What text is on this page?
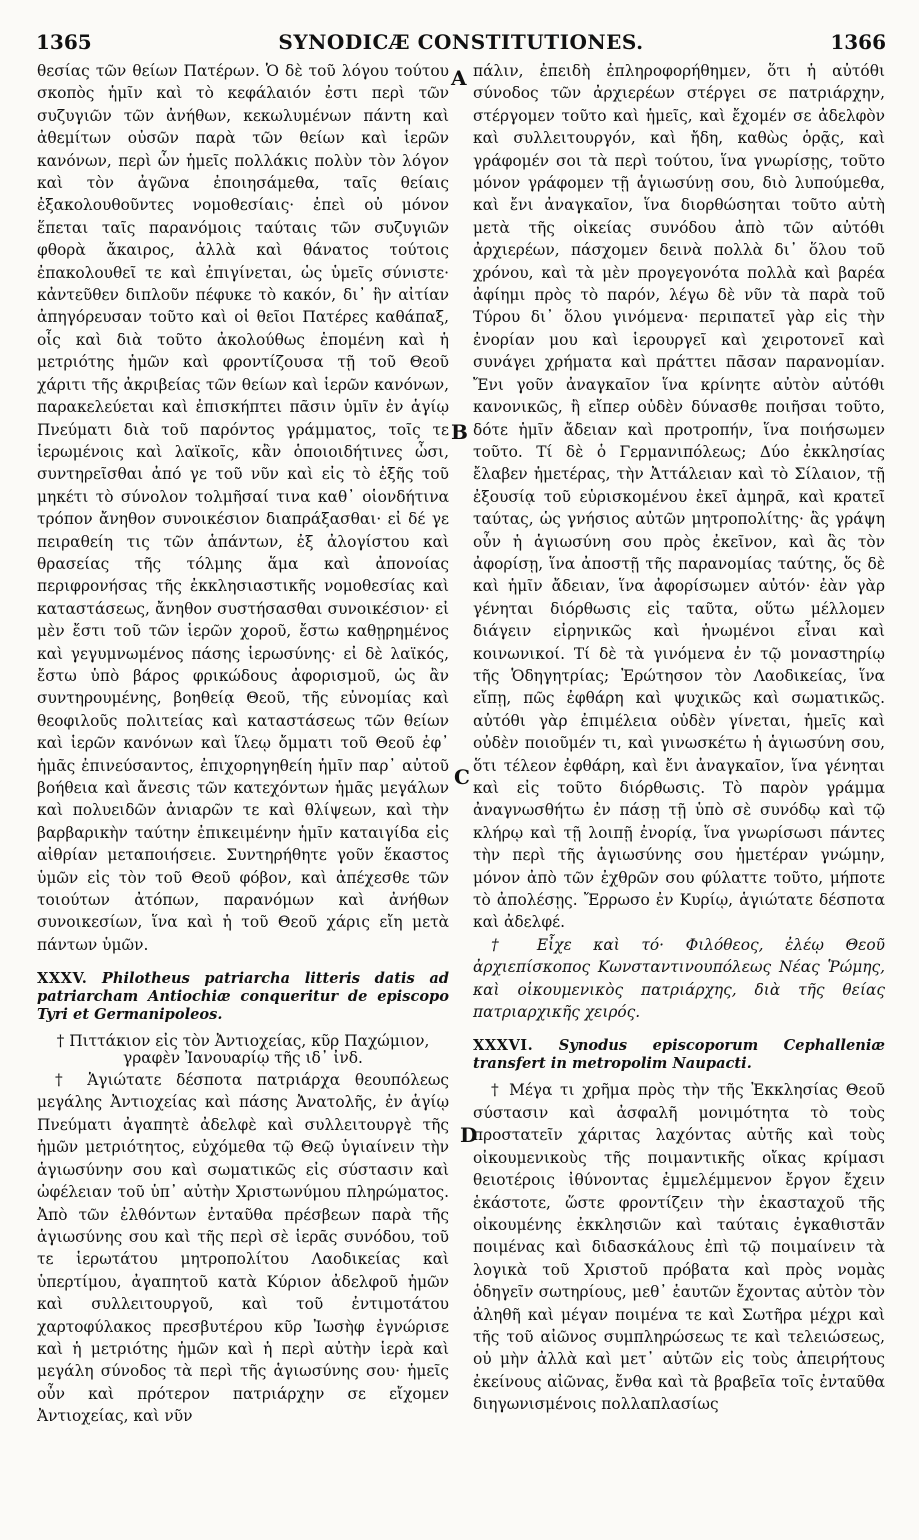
1365	SYNODICÆ CONSTITUTIONES.	1366
A
B
C
D

θεσίας τῶν θείων Πατέρων. Ὁ δὲ τοῦ λόγου τούτου σκοπὸς ἡμῖν καὶ τὸ κεφάλαιόν ἐστι περὶ τῶν συζυγιῶν τῶν ἀνήθων, κεκωλυμένων πάντη καὶ ἀθεμίτων οὐσῶν παρὰ τῶν θείων καὶ ἱερῶν κανόνων, περὶ ὧν ἡμεῖς πολλάκις πολὺν τὸν λόγον καὶ τὸν ἀγῶνα ἐποιησάμεθα, ταῖς θείαις ἐξακολουθοῦντες νομοθεσίαις· ἐπεὶ οὐ μόνον ἕπεται ταῖς παρανόμοις ταύταις τῶν συζυγιῶν φθορὰ ἄκαιρος, ἀλλὰ καὶ θάνατος τούτοις ἐπακολουθεῖ τε καὶ ἐπιγίνεται, ὡς ὑμεῖς σύνιστε· κἀντεῦθεν διπλοῦν πέφυκε τὸ κακόν, δι᾽ ἣν αἰτίαν ἀπηγόρευσαν τοῦτο καὶ οἱ θεῖοι Πατέρες καθάπαξ, οἷς καὶ διὰ τοῦτο ἀκολούθως ἑπομένη καὶ ἡ μετριότης ἡμῶν καὶ φροντίζουσα τῇ τοῦ Θεοῦ χάριτι τῆς ἀκριβείας τῶν θείων καὶ ἱερῶν κανόνων, παρακελεύεται καὶ ἐπισκήπτει πᾶσιν ὑμῖν ἐν ἁγίῳ Πνεύματι διὰ τοῦ παρόντος γράμματος, τοῖς τε ἱερωμένοις καὶ λαϊκοῖς, κἂν ὁποιοιδήτινες ὦσι, συντηρεῖσθαι ἀπό γε τοῦ νῦν καὶ εἰς τὸ ἑξῆς τοῦ μηκέτι τὸ σύνολον τολμῆσαί τινα καθ᾽ οἱονδήτινα τρόπον ἄνηθον συνοικέσιον διαπράξασθαι· εἰ δέ γε πειραθείη τις τῶν ἁπάντων, ἐξ ἀλογίστου καὶ θρασείας τῆς τόλμης ἅμα καὶ ἀπονοίας περιφρονήσας τῆς ἐκκλησιαστικῆς νομοθεσίας καὶ καταστάσεως, ἄνηθον συστήσασθαι συνοικέσιον· εἰ μὲν ἔστι τοῦ τῶν ἱερῶν χοροῦ, ἔστω καθῃρημένος καὶ γεγυμνωμένος πάσης ἱερωσύνης· εἰ δὲ λαϊκός, ἔστω ὑπὸ βάρος φρικώδους ἀφορισμοῦ, ὡς ἂν συντηρουμένης, βοηθείᾳ Θεοῦ, τῆς εὐνομίας καὶ θεοφιλοῦς πολιτείας καὶ καταστάσεως τῶν θείων καὶ ἱερῶν κανόνων καὶ ἵλεῳ ὄμματι τοῦ Θεοῦ ἐφ᾽ ἡμᾶς ἐπινεύσαντος, ἐπιχορηγηθείη ἡμῖν παρ᾽ αὐτοῦ βοήθεια καὶ ἄνεσις τῶν κατεχόντων ἡμᾶς μεγάλων καὶ πολυειδῶν ἀνιαρῶν τε καὶ θλίψεων, καὶ τὴν βαρβαρικὴν ταύτην ἐπικειμένην ἡμῖν καταιγίδα εἰς αἰθρίαν μεταποιήσειε. Συντηρήθητε γοῦν ἕκαστος ὑμῶν εἰς τὸν τοῦ Θεοῦ φόβον, καὶ ἀπέχεσθε τῶν τοιούτων ἀτόπων, παρανόμων καὶ ἀνήθων συνοικεσίων, ἵνα καὶ ἡ τοῦ Θεοῦ χάρις εἴη μετὰ πάντων ὑμῶν.

XXXV. Philotheus patriarcha litteris datis ad patriarcham Antiochiæ conqueritur de episcopo Tyri et Germanipoleos.

† Πιττάκιον εἰς τὸν Ἀντιοχείας, κῦρ Παχώμιον,

γραφὲν Ἰανουαρίῳ τῆς ιδ᾽ ἰνδ.

† Ἁγιώτατε δέσποτα πατριάρχα θεουπόλεως μεγάλης Ἀντιοχείας καὶ πάσης Ἀνατολῆς, ἐν ἁγίῳ Πνεύματι ἀγαπητὲ ἀδελφὲ καὶ συλλειτουργὲ τῆς ἡμῶν μετριότητος, εὐχόμεθα τῷ Θεῷ ὑγιαίνειν τὴν ἁγιωσύνην σου καὶ σωματικῶς εἰς σύστασιν καὶ ὠφέλειαν τοῦ ὑπ᾽ αὐτὴν Χριστωνύμου πληρώματος. Ἀπὸ τῶν ἐλθόντων ἐνταῦθα πρέσβεων παρὰ τῆς ἁγιωσύνης σου καὶ τῆς περὶ σὲ ἱερᾶς συνόδου, τοῦ τε ἱερωτάτου μητροπολίτου Λαοδικείας καὶ ὑπερτίμου, ἀγαπητοῦ κατὰ Κύριον ἀδελφοῦ ἡμῶν καὶ συλλειτουργοῦ, καὶ τοῦ ἐντιμοτάτου χαρτοφύλακος πρεσβυτέρου κῦρ Ἰωσὴφ ἐγνώρισε καὶ ἡ μετριότης ἡμῶν καὶ ἡ περὶ αὐτὴν ἱερὰ καὶ μεγάλη σύνοδος τὰ περὶ τῆς ἁγιωσύνης σου· ἡμεῖς οὖν καὶ πρότερον πατριάρχην σε εἴχομεν Ἀντιοχείας, καὶ νῦν

πάλιν, ἐπειδὴ ἐπληροφορήθημεν, ὅτι ἡ αὐτόθι σύνοδος τῶν ἀρχιερέων στέργει σε πατριάρχην, στέργομεν τοῦτο καὶ ἡμεῖς, καὶ ἔχομέν σε ἀδελφὸν καὶ συλλειτουργόν, καὶ ἤδη, καθὼς ὁρᾷς, καὶ γράφομέν σοι τὰ περὶ τούτου, ἵνα γνωρίσῃς, τοῦτο μόνον γράφομεν τῇ ἁγιωσύνῃ σου, διὸ λυπούμεθα, καὶ ἔνι ἀναγκαῖον, ἵνα διορθώσηται τοῦτο αὐτὴ μετὰ τῆς οἰκείας συνόδου ἀπὸ τῶν αὐτόθι ἀρχιερέων, πάσχομεν δεινὰ πολλὰ δι᾽ ὅλου τοῦ χρόνου, καὶ τὰ μὲν προγεγονότα πολλὰ καὶ βαρέα ἀφίημι πρὸς τὸ παρόν, λέγω δὲ νῦν τὰ παρὰ τοῦ Τύρου δι᾽ ὅλου γινόμενα· περιπατεῖ γὰρ εἰς τὴν ἐνορίαν μου καὶ ἱερουργεῖ καὶ χειροτονεῖ καὶ συνάγει χρήματα καὶ πράττει πᾶσαν παρανομίαν. Ἔνι γοῦν ἀναγκαῖον ἵνα κρίνητε αὐτὸν αὐτόθι κανονικῶς, ἢ εἴπερ οὐδὲν δύνασθε ποιῆσαι τοῦτο, δότε ἡμῖν ἄδειαν καὶ προτροπήν, ἵνα ποιήσωμεν τοῦτο. Τί δὲ ὁ Γερμανιπόλεως; Δύο ἐκκλησίας ἔλαβεν ἡμετέρας, τὴν Ἀττάλειαν καὶ τὸ Σίλαιον, τῇ ἐξουσίᾳ τοῦ εὑρισκομένου ἐκεῖ ἀμηρᾶ, καὶ κρατεῖ ταύτας, ὡς γνήσιος αὐτῶν μητροπολίτης· ἃς γράψη οὖν ἡ ἁγιωσύνη σου πρὸς ἐκεῖνον, καὶ ἃς τὸν ἀφορίσῃ, ἵνα ἀποστῇ τῆς παρανομίας ταύτης, ὅς δὲ καὶ ἡμῖν ἄδειαν, ἵνα ἀφορίσωμεν αὐτόν· ἐὰν γὰρ γένηται διόρθωσις εἰς ταῦτα, οὕτω μέλλομεν διάγειν εἰρηνικῶς καὶ ἡνωμένοι εἶναι καὶ κοινωνικοί. Τί δὲ τὰ γινόμενα ἐν τῷ μοναστηρίῳ τῆς Ὁδηγητρίας; Ἐρώτησον τὸν Λαοδικείας, ἵνα εἴπῃ, πῶς ἐφθάρη καὶ ψυχικῶς καὶ σωματικῶς. αὐτόθι γὰρ ἐπιμέλεια οὐδὲν γίνεται, ἡμεῖς καὶ οὐδὲν ποιοῦμέν τι, καὶ γινωσκέτω ἡ ἁγιωσύνη σου, ὅτι τέλεον ἐφθάρη, καὶ ἔνι ἀναγκαῖον, ἵνα γένηται καὶ εἰς τοῦτο διόρθωσις. Τὸ παρὸν γράμμα ἀναγνωσθήτω ἐν πάσῃ τῇ ὑπὸ σὲ συνόδῳ καὶ τῷ κλήρῳ καὶ τῇ λοιπῇ ἐνορίᾳ, ἵνα γνωρίσωσι πάντες τὴν περὶ τῆς ἁγιωσύνης σου ἡμετέραν γνώμην, μόνον ἀπὸ τῶν ἐχθρῶν σου φύλαττε τοῦτο, μήποτε τὸ ἀπολέσῃς. Ἔρρωσο ἐν Κυρίῳ, ἁγιώτατε δέσποτα καὶ ἀδελφέ.

† Εἶχε καὶ τό· Φιλόθεος, ἐλέῳ Θεοῦ ἀρχιεπίσκοπος Κωνσταντινουπόλεως Νέας Ῥώμης, καὶ οἰκουμενικὸς πατριάρχης, διὰ τῆς θείας πατριαρχικῆς χειρός.

XXXVI. Synodus episcoporum Cephalleniæ transfert in metropolim Naupacti.

† Μέγα τι χρῆμα πρὸς τὴν τῆς Ἐκκλησίας Θεοῦ σύστασιν καὶ ἀσφαλῆ μονιμότητα τὸ τοὺς προστατεῖν χάριτας λαχόντας αὐτῆς καὶ τοὺς οἰκουμενικοὺς τῆς ποιμαντικῆς οἴκας κρίμασι θειοτέροις ἰθύνοντας ἐμμελέμμενον ἔργον ἔχειν ἑκάστοτε, ὥστε φροντίζειν τὴν ἑκασταχοῦ τῆς οἰκουμένης ἐκκλησιῶν καὶ ταύταις ἐγκαθιστᾶν ποιμένας καὶ διδασκάλους ἐπὶ τῷ ποιμαίνειν τὰ λογικὰ τοῦ Χριστοῦ πρόβατα καὶ πρὸς νομὰς ὁδηγεῖν σωτηρίους, μεθ᾽ ἑαυτῶν ἔχοντας αὐτὸν τὸν ἀληθῆ καὶ μέγαν ποιμένα τε καὶ Σωτῆρα μέχρι καὶ τῆς τοῦ αἰῶνος συμπληρώσεως τε καὶ τελειώσεως, οὐ μὴν ἀλλὰ καὶ μετ᾽ αὐτῶν εἰς τοὺς ἀπειρήτους ἐκείνους αἰῶνας, ἔνθα καὶ τὰ βραβεῖα τοῖς ἐνταῦθα διηγωνισμένοις πολλαπλασίως
